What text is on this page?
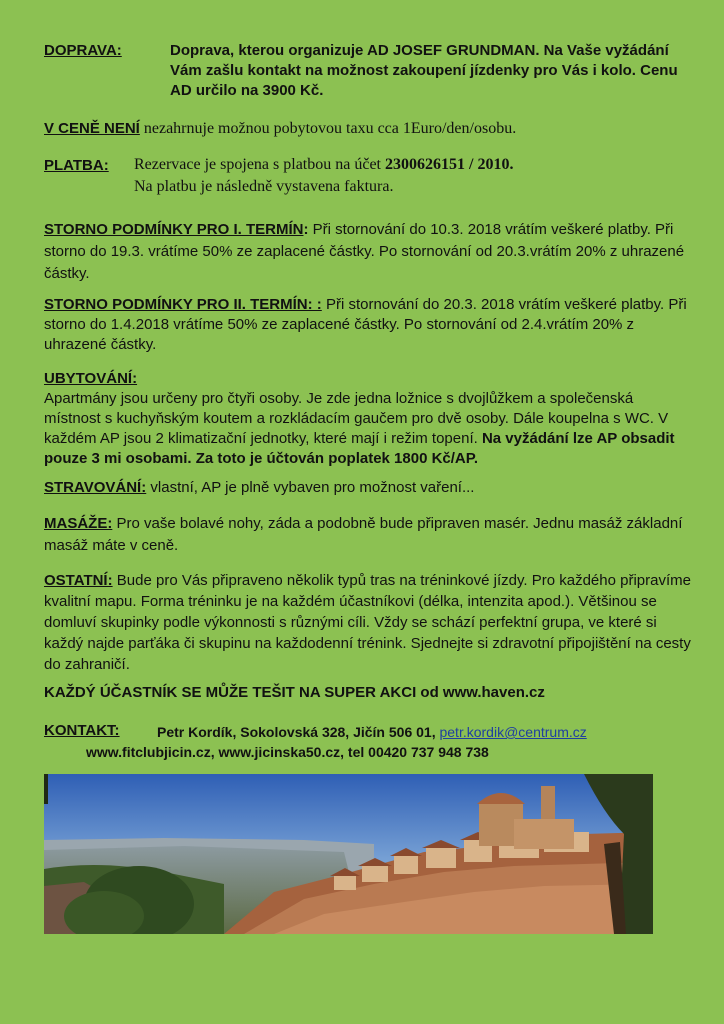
DOPRAVA:	Doprava, kterou organizuje AD JOSEF GRUNDMAN. Na Vaše vyžádání Vám zašlu kontakt na možnost zakoupení jízdenky pro Vás i kolo. Cenu AD určilo na 3900 Kč.
V CENĚ NENÍ nezahrnuje možnou pobytovou taxu cca 1Euro/den/osobu.
PLATBA: Rezervace je spojena s platbou na účet 2300626151 / 2010.
Na platbu je následně vystavena faktura.
STORNO PODMÍNKY PRO I. TERMÍN: Při stornování do 10.3. 2018 vrátím veškeré platby. Při storno do 19.3. vrátíme 50% ze zaplacené částky. Po stornování od 20.3.vrátím 20% z uhrazené částky.
STORNO PODMÍNKY PRO II. TERMÍN: : Při stornování do 20.3. 2018 vrátím veškeré platby. Při storno do 1.4.2018 vrátíme 50% ze zaplacené částky. Po stornování od 2.4.vrátím 20% z uhrazené částky.
UBYTOVÁNÍ:
Apartmány jsou určeny pro čtyři osoby. Je zde jedna ložnice s dvojlůžkem a společenská místnost s kuchyňským koutem a rozkládacím gaučem pro dvě osoby. Dále koupelna s WC. V každém AP jsou 2 klimatizační jednotky, které mají i režim topení. Na vyžádání lze AP obsadit pouze 3 mi osobami. Za toto je účtován poplatek 1800 Kč/AP.
STRAVOVÁNÍ: vlastní, AP je plně vybaven pro možnost vaření...
MASÁŽE: Pro vaše bolavé nohy, záda a podobně bude připraven masér. Jednu masáž základní masáž máte v ceně.
OSTATNÍ: Bude pro Vás připraveno několik typů tras na tréninkové jízdy. Pro každého připravíme kvalitní mapu. Forma tréninku je na každém účastníkovi (délka, intenzita apod.). Většinou se domluví skupinky podle výkonnosti s různými cíli. Vždy se schází perfektní grupa, ve které si každý najde parťáka či skupinu na každodenní trénink. Sjednejte si zdravotní připojištění na cesty do zahraničí.
KAŽDÝ ÚČASTNÍK SE MŮŽE TEŠIT NA SUPER AKCI od www.haven.cz
KONTAKT:	Petr Kordík, Sokolovská 328, Jičín 506 01, petr.kordik@centrum.cz
www.fitclubjicin.cz, www.jicinska50.cz, tel 00420 737 948 738
